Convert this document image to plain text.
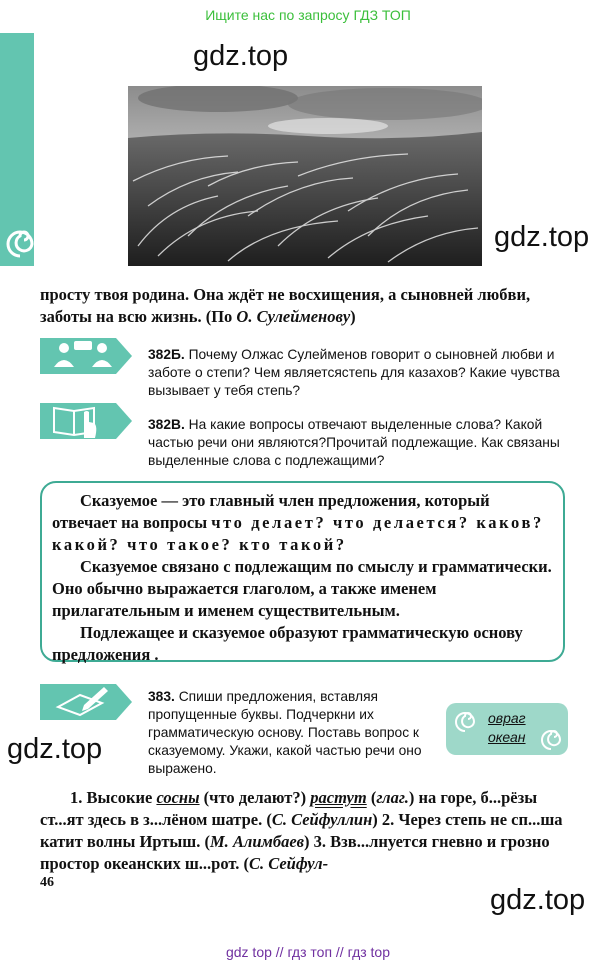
Ищите нас по запросу ГДЗ ТОП
gdz.top
gdz.top
gdz.top
gdz.top
просту твоя родина. Она ждёт не восхищения, а сыновней любви, заботы на всю жизнь. (По О. Сулейменову)
382Б. Почему Олжас Сулейменов говорит о сыновней любви и заботе о степи? Чем являетсястепь для казахов? Какие чувства вызывает у тебя степь?
382В. На какие вопросы отвечают выделенные слова? Какой частью речи они являются?Прочитай подлежащие. Как связаны выделенные слова с подлежащими?

Сказуемое — это главный член предложения, который отвечает на вопросы что делает? что делается? каков? какой? что такое? кто такой?

Сказуемое связано с подлежащим по смыслу и грамматически. Оно обычно выражается глаголом, а также именем прилагательным и именем существительным.

Подлежащее и сказуемое образуют грамматическую основу предложения .

383. Спиши предложения, вставляя пропущенные буквы. Подчеркни их грамматическую основу. Поставь вопрос к сказуемому. Укажи, какой частью речи оно выражено.
овраг
океан

1. Высокие сосны (что делают?) растут (глаг.) на горе, б...рёзы ст...ят здесь в з...лёном шатре. (С. Сейфуллин) 2. Через степь не сп...ша катит волны Иртыш. (М. Алимбаев) 3. Взв...лнуется гневно и грозно простор океанских ш...рот. (С. Сейфул-

46
gdz top // гдз топ // гдз top
